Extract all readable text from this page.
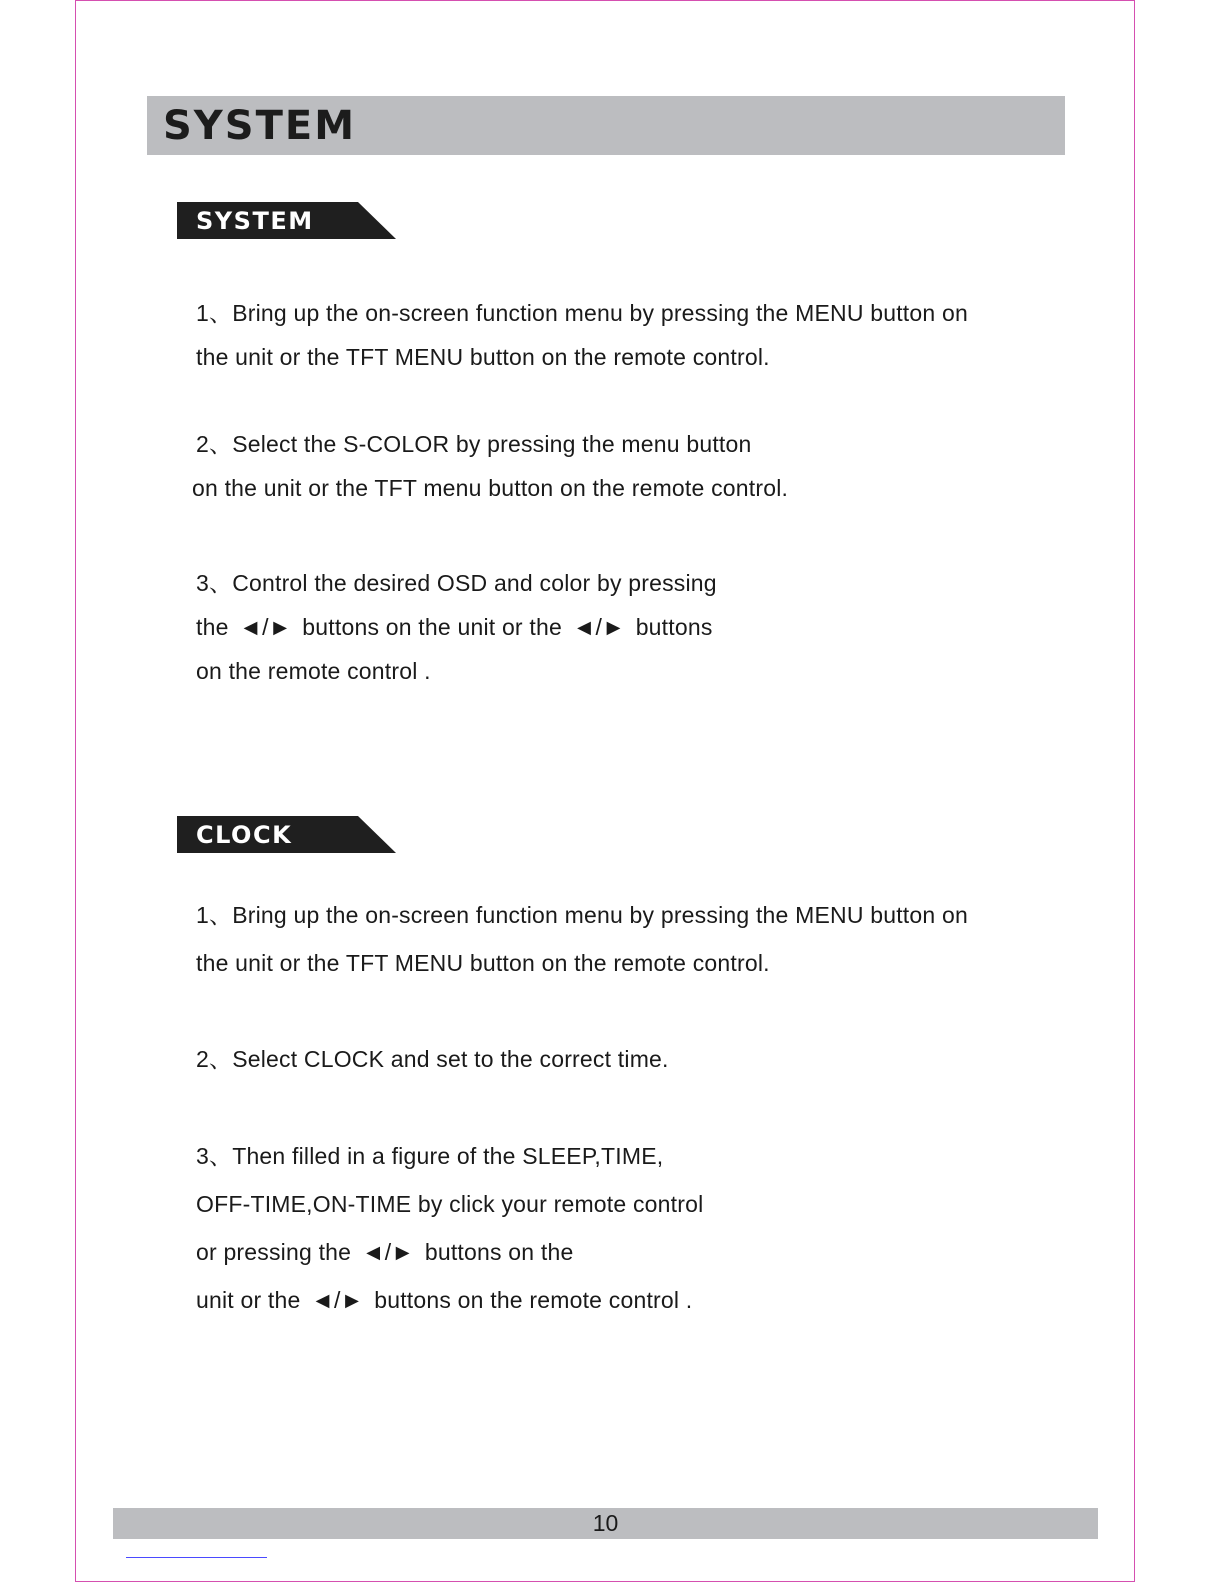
SYSTEM
SYSTEM
1、Bring up the on-screen function menu by pressing the MENU button on
the unit or the TFT MENU button on the remote control.
2、Select the S-COLOR by pressing the menu button
on the unit or the TFT menu button on the remote control.
3、Control the desired OSD and color by pressing
the ◄/► buttons on the unit or the ◄/► buttons
on the remote control .
CLOCK
1、Bring up the on-screen function menu by pressing the MENU button on
the unit or the TFT MENU button on the remote control.
2、Select CLOCK and set to the correct time.
3、Then filled in a figure of the SLEEP,TIME,
OFF-TIME,ON-TIME by click your remote control
or pressing the ◄/► buttons on the
unit or the ◄/► buttons on the remote control .
10
